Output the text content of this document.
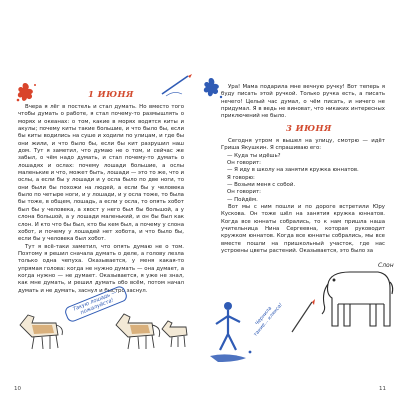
1 ИЮНЯ

Вчера я лёг в постель и стал думать. Но вместо того чтобы думать о работе, я стал почему-то размышлять о морях и океанах: о том, какие в морях водятся киты и акулы; почему киты такие большие, и что было бы, если бы киты водились на суше и ходили по улицам, и где бы они жили, и что было бы, если бы кит разрушил наш дом. Тут я заметил, что думаю не о том, и сейчас же забыл, о чём надо думать, и стал почему-то думать о лошадях и ослах: почему лошади большие, а ослы маленькие и что, может быть, лошади — это то же, что и ослы, а если бы у лошади и у осла было по две ноги, то они были бы похожи на людей, а если бы у человека было по четыре ноги, и у лошади, и у осла тоже, то была бы тоже, в общем, лошадь, а если у осла, то опять хобот был бы у человека, а хвост у него был бы большой, а у слона большой, а у лошади маленький, и он бы был как слон. И кто что бы был, кто бы кем был, а почему у слона хобот, и почему у лошадей нет хобота, и что было бы, если бы у человека был хобот.

Тут я всё-таки заметил, что опять думаю не о том. Поэтому я решил сначала думать о деле, а голову лезла только одна чепуха. Оказывается, у меня какая-то упрямая голова: когда не нужно думать — она думает, а когда нужно — не думает. Оказывается, я уже не знал, как мне думать, и решил думать обо всём, потом начал думать и не думать, заснул и быстро заснул.

Такую лошадь — пожалуйста!
10

Ура! Мама подарила мне вечную ручку! Вот теперь я буду писать этой ручкой. Только ручка есть, а писать нечего! Целый час думал, о чём писать, и ничего не придумал. Я в ведь не виноват, что никаких интересных приключений не было.

3 ИЮНЯ

Сегодня утром я вышел на улицу, смотрю — идёт Гриша Якушкин. Я спрашиваю его:

— Куда ты идёшь?

Он говорит:

— Я иду в школу на занятия кружка юннатов.

Я говорю:

— Возьми меня с собой.

Он говорит:

— Пойдём.

Вот мы с ним пошли и по дороге встретили Юру Кускова. Он тоже шёл на занятия кружка юннатов. Когда все юннаты собрались, то к нам пришла наша учительница Нина Сергеевна, которая руководит кружком юннатов. Когда все юннаты собрались, мы все вместе пошли на пришкольный участок, где нас устроены цветы растений. Оказывается, это было за

Чернила такие... клякса!
Слон
11
